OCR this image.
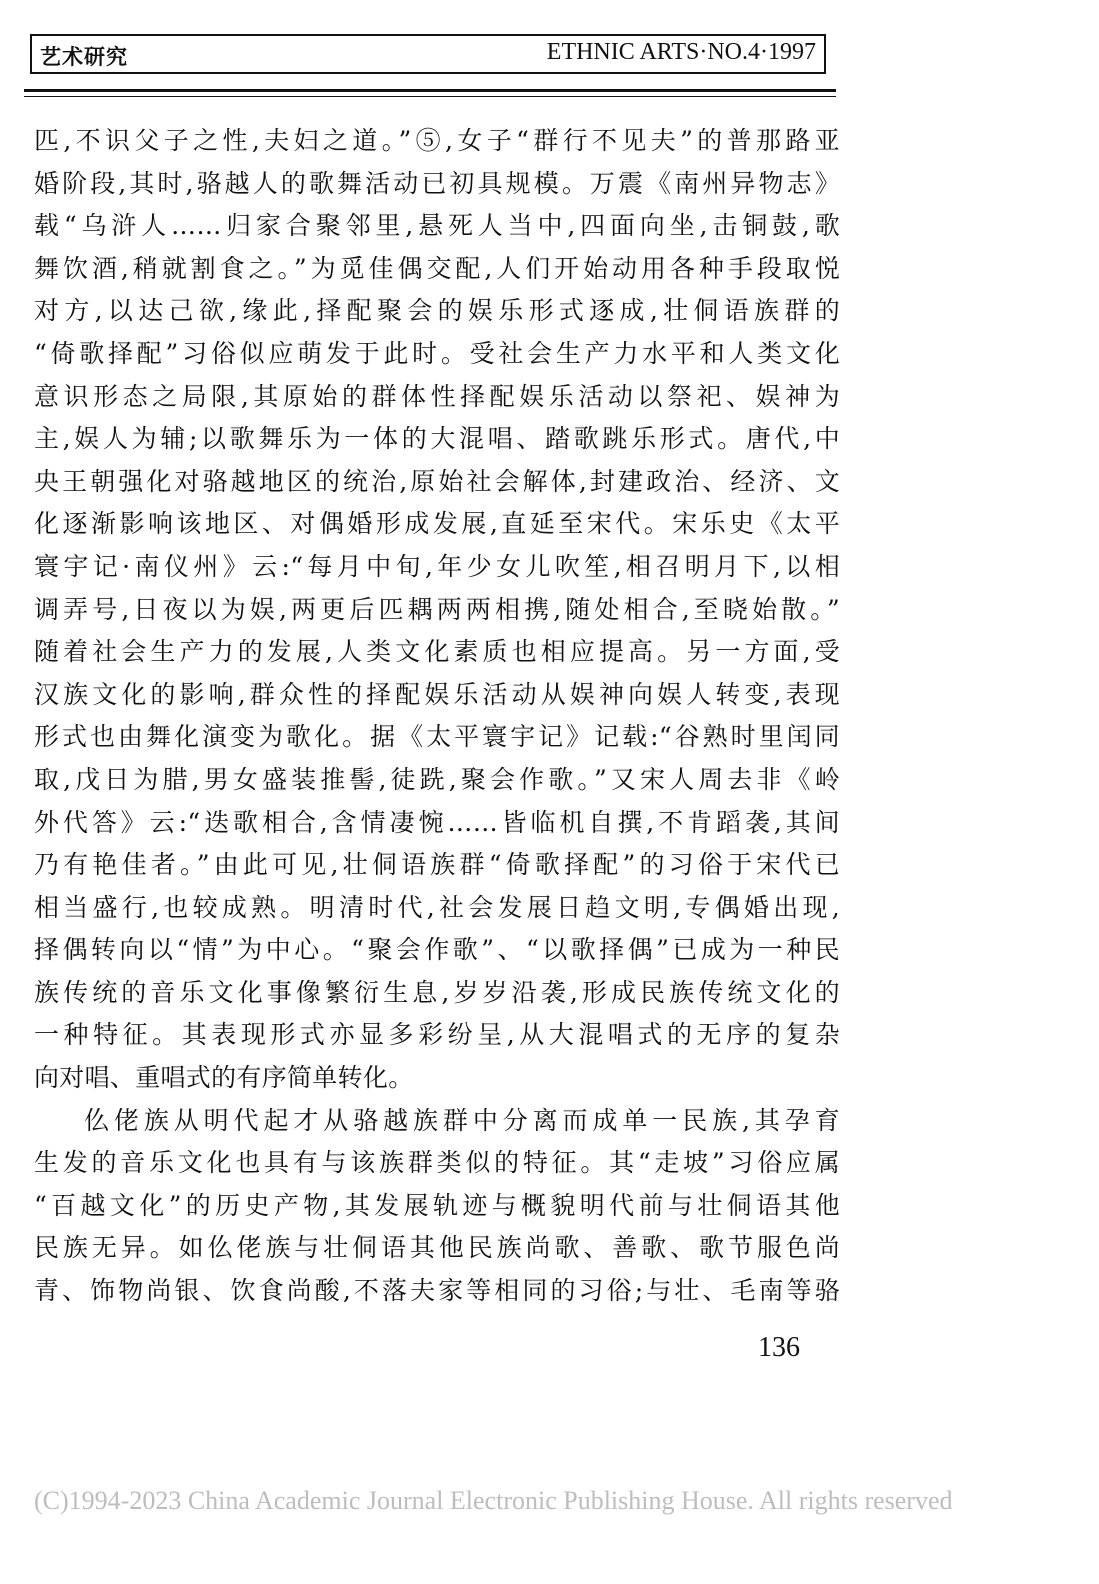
艺术研究	ETHNIC ARTS·NO.4·1997
匹,不识父子之性,夫妇之道。”⑤,女子“群行不见夫”的普那路亚
婚阶段,其时,骆越人的歌舞活动已初具规模。万震《南州异物志》
载“乌浒人……归家合聚邻里,悬死人当中,四面向坐,击铜鼓,歌
舞饮酒,稍就割食之。”为觅佳偶交配,人们开始动用各种手段取悦
对方,以达己欲,缘此,择配聚会的娱乐形式逐成,壮侗语族群的
“倚歌择配”习俗似应萌发于此时。受社会生产力水平和人类文化
意识形态之局限,其原始的群体性择配娱乐活动以祭祀、娱神为
主,娱人为辅;以歌舞乐为一体的大混唱、踏歌跳乐形式。唐代,中
央王朝强化对骆越地区的统治,原始社会解体,封建政治、经济、文
化逐渐影响该地区、对偶婚形成发展,直延至宋代。宋乐史《太平
寰宇记·南仪州》云:“每月中旬,年少女儿吹笙,相召明月下,以相
调弄号,日夜以为娱,两更后匹耦两两相携,随处相合,至晓始散。”
随着社会生产力的发展,人类文化素质也相应提高。另一方面,受
汉族文化的影响,群众性的择配娱乐活动从娱神向娱人转变,表现
形式也由舞化演变为歌化。据《太平寰宇记》记载:“谷熟时里闰同
取,戊日为腊,男女盛装推髻,徒跣,聚会作歌。”又宋人周去非《岭
外代答》云:“迭歌相合,含情凄惋……皆临机自撰,不肯蹈袭,其间
乃有艳佳者。”由此可见,壮侗语族群“倚歌择配”的习俗于宋代已
相当盛行,也较成熟。明清时代,社会发展日趋文明,专偶婚出现,
择偶转向以“情”为中心。“聚会作歌”、“以歌择偶”已成为一种民
族传统的音乐文化事像繁衍生息,岁岁沿袭,形成民族传统文化的
一种特征。其表现形式亦显多彩纷呈,从大混唱式的无序的复杂
向对唱、重唱式的有序简单转化。
仫佬族从明代起才从骆越族群中分离而成单一民族,其孕育
生发的音乐文化也具有与该族群类似的特征。其“走坡”习俗应属
“百越文化”的历史产物,其发展轨迹与概貌明代前与壮侗语其他
民族无异。如仫佬族与壮侗语其他民族尚歌、善歌、歌节服色尚
青、饰物尚银、饮食尚酸,不落夫家等相同的习俗;与壮、毛南等骆
136
(C)1994-2023 China Academic Journal Electronic Publishing House. All rights reserved
